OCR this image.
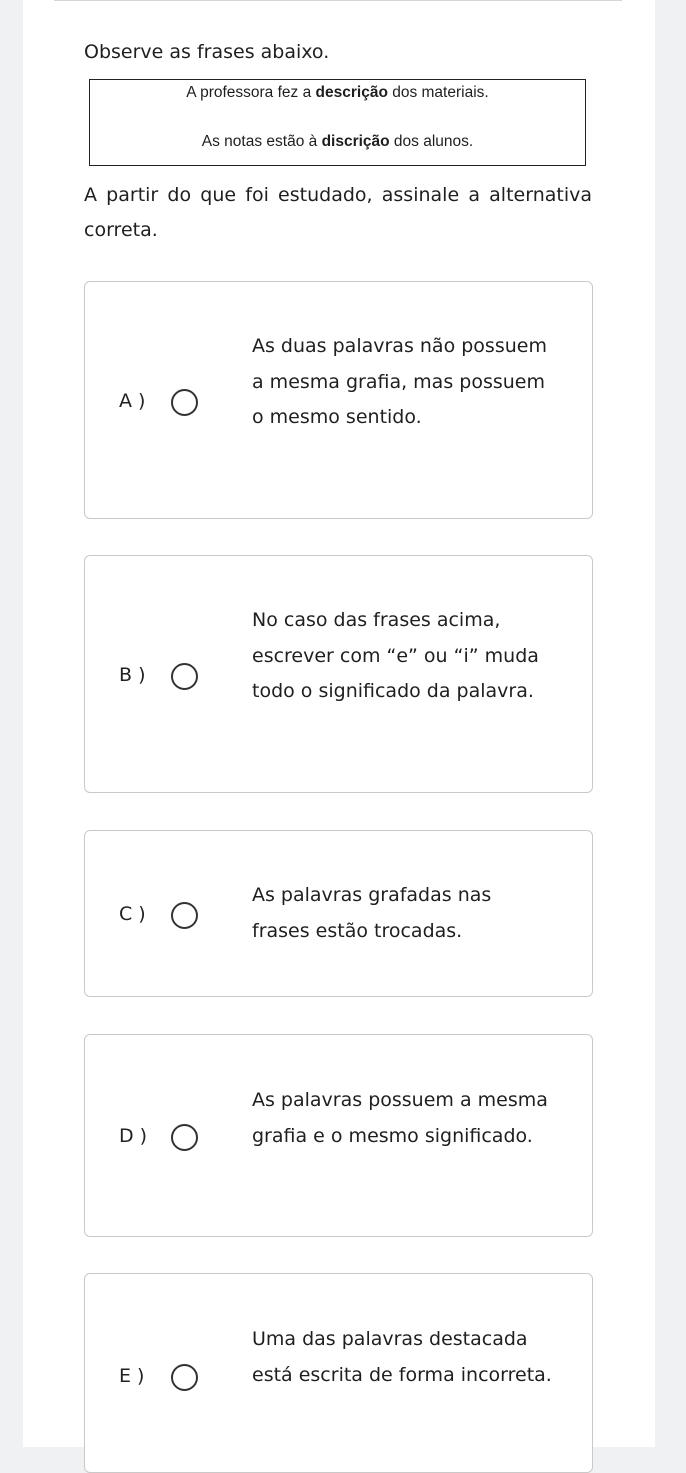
Observe as frases abaixo.

A professora fez a descrição dos materiais.

As notas estão à discrição dos alunos.

A partir do que foi estudado, assinale a alternativa correta.

A )

As duas palavras não possuem a mesma grafia, mas possuem o mesmo sentido.

B )

No caso das frases acima, escrever com “e” ou “i” muda todo o significado da palavra.

C )

As palavras grafadas nas frases estão trocadas.

D )

As palavras possuem a mesma grafia e o mesmo significado.

E )

Uma das palavras destacada está escrita de forma incorreta.
